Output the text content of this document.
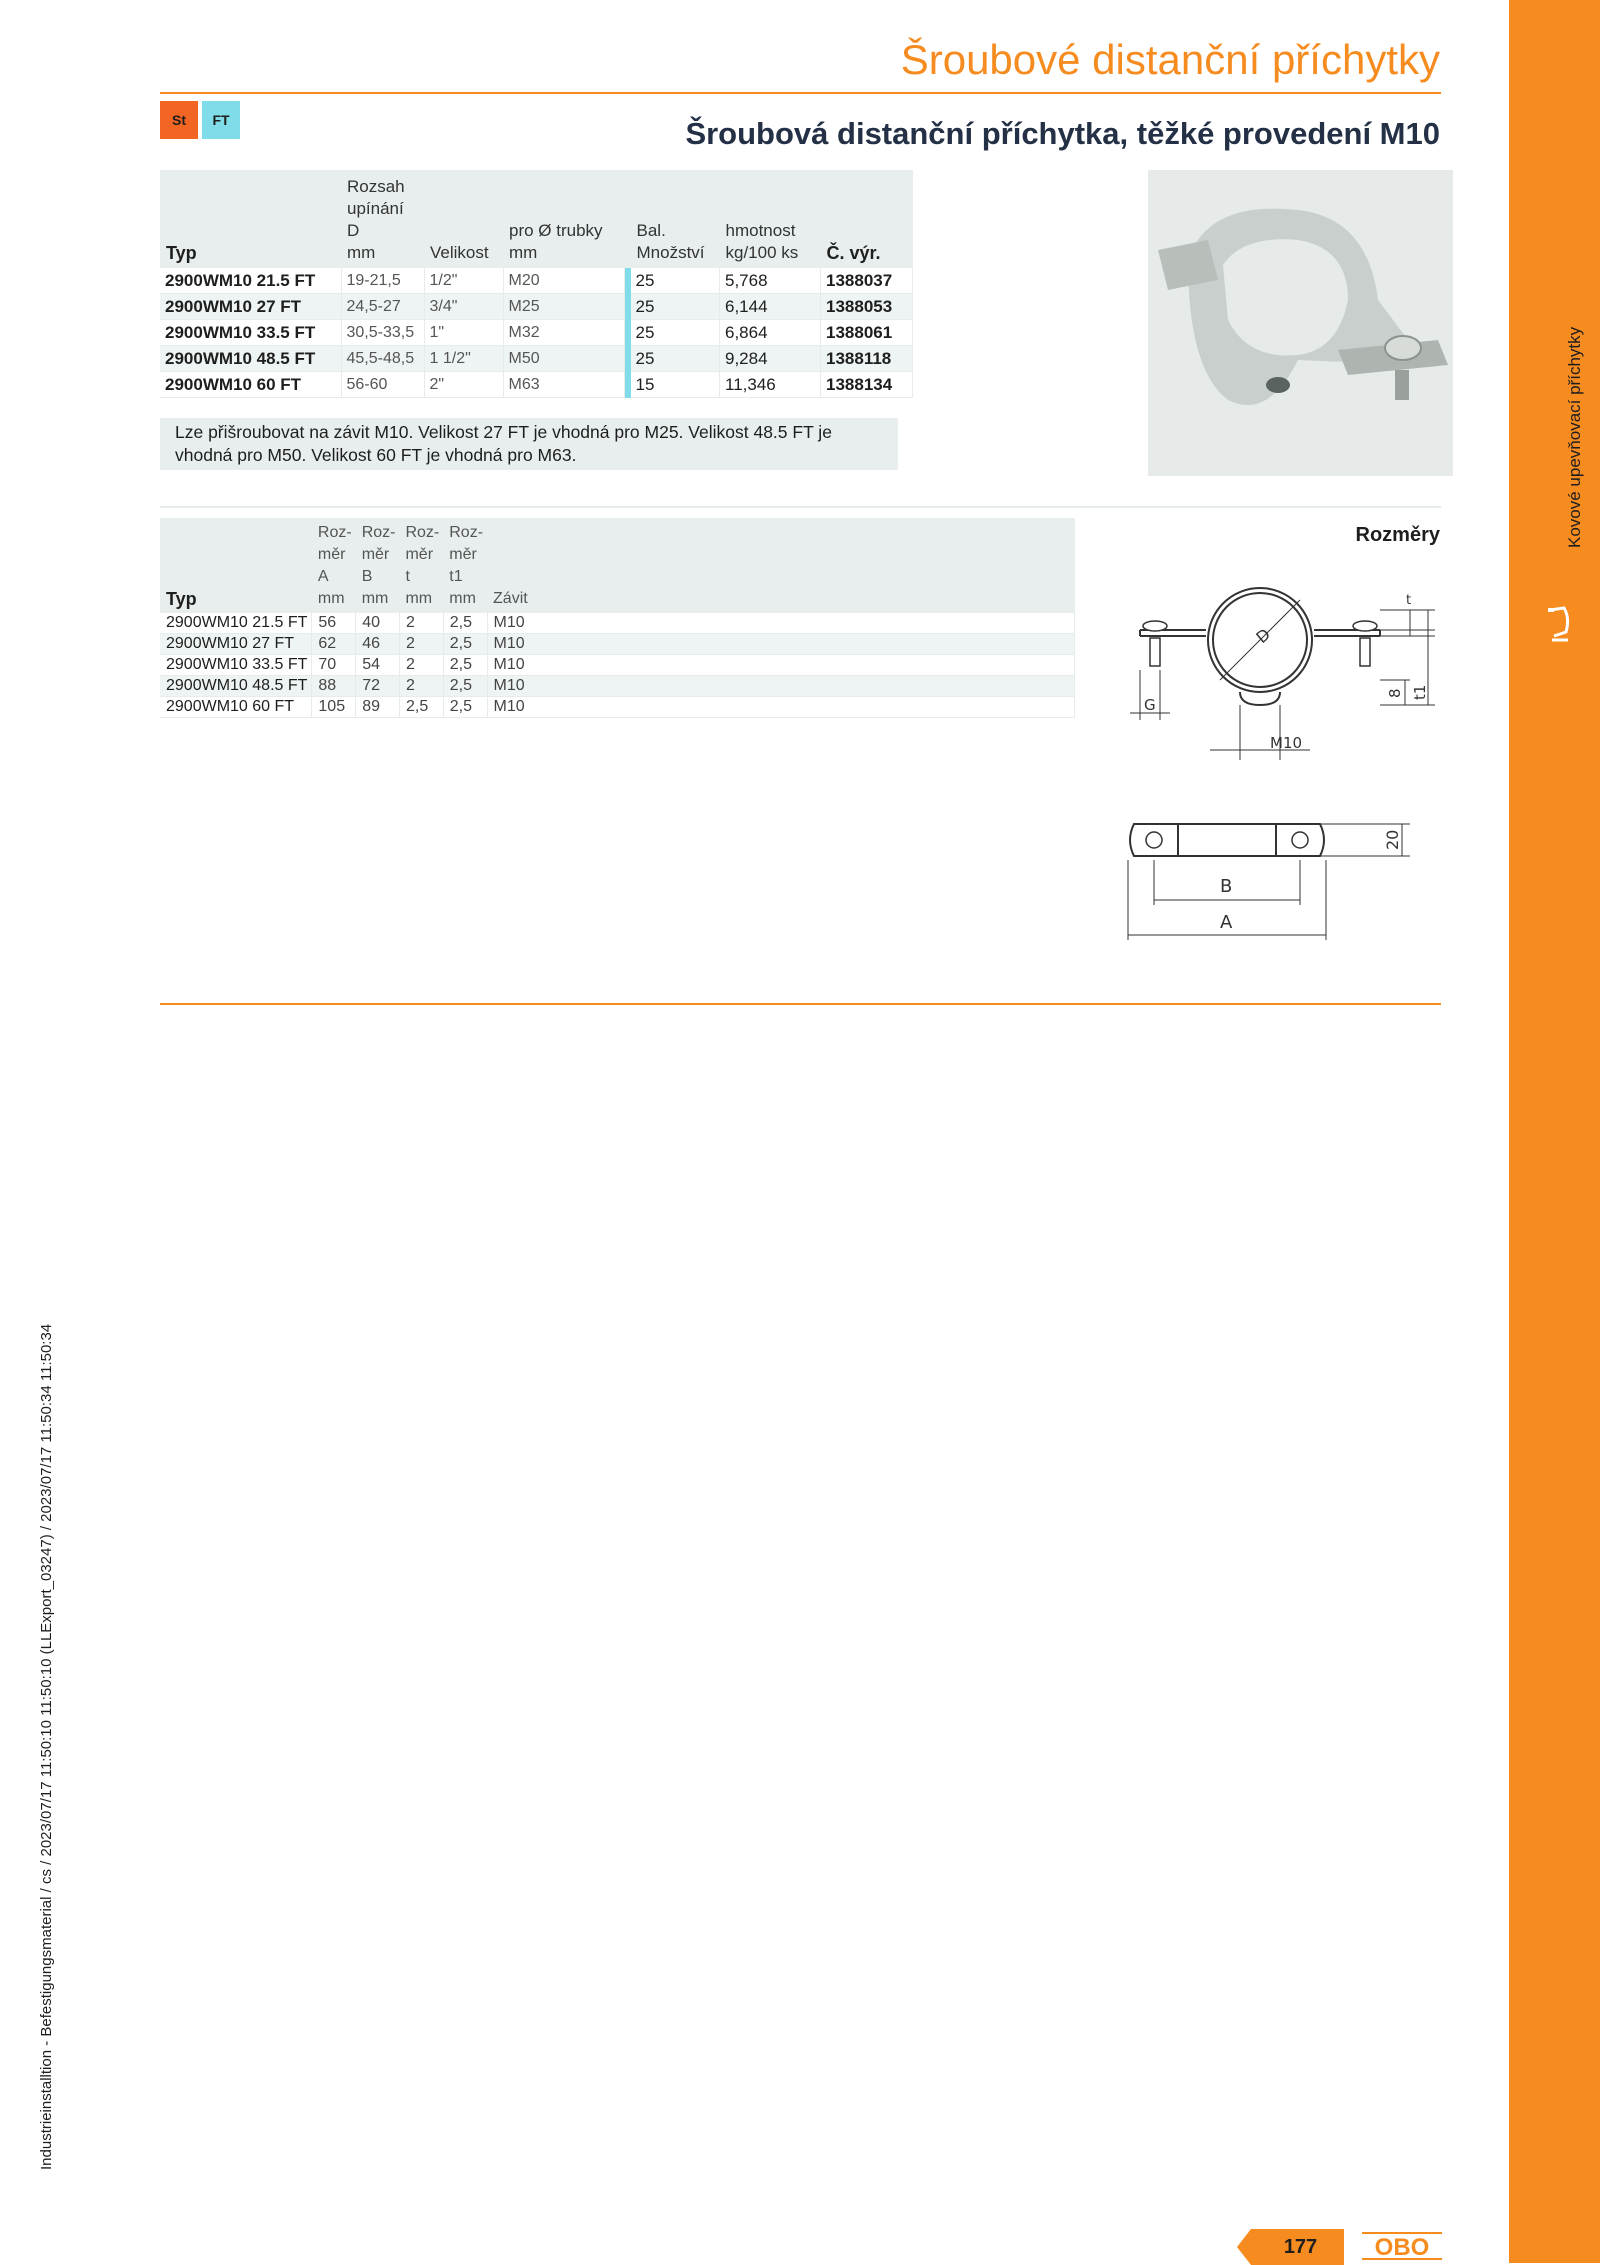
Kovové upevňovací příchytky
Šroubové distanční příchytky
St	FT	Šroubová distanční příchytka, těžké provedení M10
Typ	Rozsah
upínání
D
mm	Velikost	pro Ø trubky
mm		Bal.
Množství	hmotnost
kg/100 ks	Č. výr.
2900WM10 21.5 FT	19-21,5	1/2"	M20		25	5,768	1388037
2900WM10 27 FT	24,5-27	3/4"	M25		25	6,144	1388053
2900WM10 33.5 FT	30,5-33,5	1"	M32		25	6,864	1388061
2900WM10 48.5 FT	45,5-48,5	1 1/2"	M50		25	9,284	1388118
2900WM10 60 FT	56-60	2"	M63		15	11,346	1388134
Lze přišroubovat na závit M10. Velikost 27 FT je vhodná pro M25. Velikost 48.5 FT je vhodná pro M50. Velikost 60 FT je vhodná pro M63.
Typ	Roz-
měr
A
mm	Roz-
měr
B
mm	Roz-
měr
t
mm	Roz-
měr
t1
mm	Závit
2900WM10 21.5 FT	56	40	2	2,5	M10
2900WM10 27 FT	62	46	2	2,5	M10
2900WM10 33.5 FT	70	54	2	2,5	M10
2900WM10 48.5 FT	88	72	2	2,5	M10
2900WM10 60 FT	105	89	2,5	2,5	M10
Rozměry
D
G
8
M10
t
t1
20
B
A
Industrieinstalltion - Befestigungsmaterial / cs / 2023/07/17 11:50:10 11:50:10 (LLExport_03247) / 2023/07/17 11:50:34 11:50:34
177	OBO
